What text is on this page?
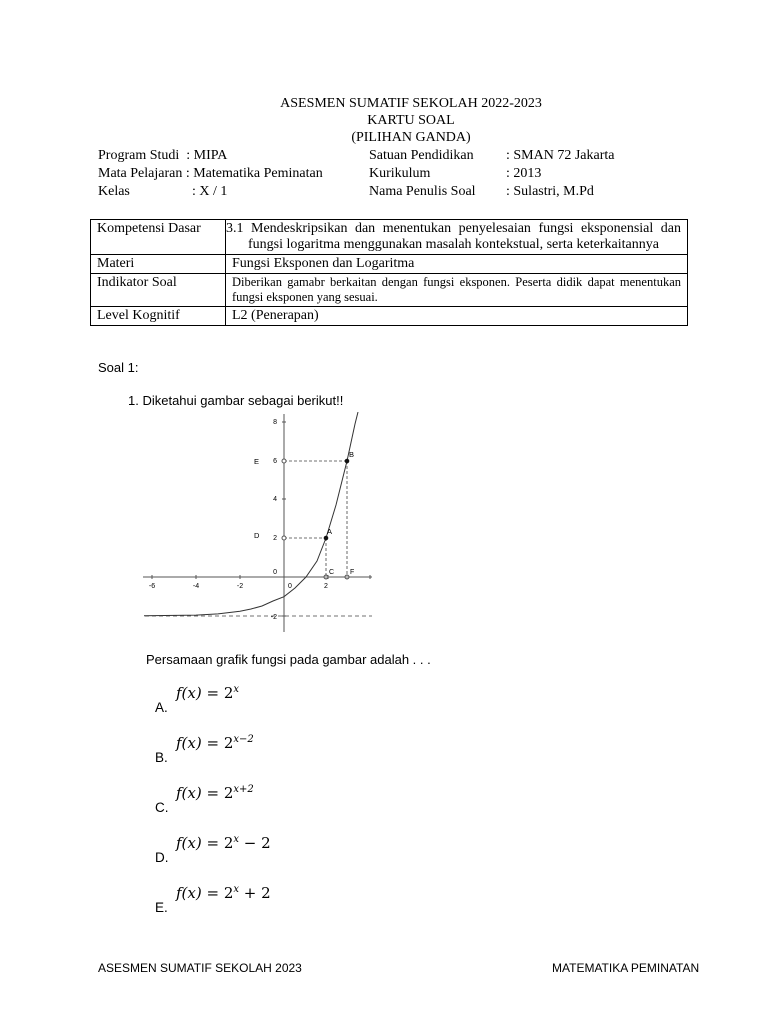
ASESMEN SUMATIF SEKOLAH 2022-2023
KARTU SOAL
(PILIHAN GANDA)
Program Studi  : MIPA
Mata Pelajaran : Matematika Peminatan
Kelas	: X / 1
Satuan Pendidikan : SMAN 72 Jakarta
Kurikulum	: 2013
Nama Penulis Soal : Sulastri, M.Pd
Kompetensi Dasar	3.1 Mendeskripsikan dan menentukan penyelesaian fungsi eksponensial dan fungsi logaritma menggunakan masalah kontekstual, serta keterkaitannya
Materi	Fungsi Eksponen dan Logaritma
Indikator Soal	Diberikan gamabr berkaitan dengan fungsi eksponen. Peserta didik dapat menentukan fungsi eksponen yang sesuai.
Level Kognitif	L2 (Penerapan)
Soal 1:
1. Diketahui gambar sebagai berikut!!
-6	-4	-2	0	2
8
6
4
2
0
-2
A
B
C F
D
E
Persamaan grafik fungsi pada gambar adalah . . .
$f(x) = 2^x$
A.
$f(x) = 2^{x-2}$
B.
$f(x) = 2^{x+2}$
C.
$f(x) = 2^x - 2$
D.
$f(x) = 2^x + 2$
E.
ASESMEN SUMATIF SEKOLAH 2023	MATEMATIKA PEMINATAN
